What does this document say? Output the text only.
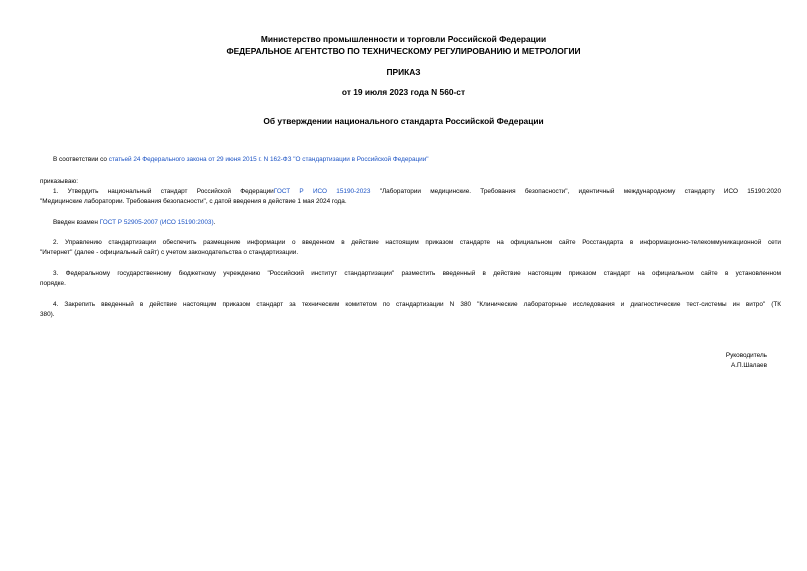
Министерство промышленности и торговли Российской Федерации
ФЕДЕРАЛЬНОЕ АГЕНТСТВО ПО ТЕХНИЧЕСКОМУ РЕГУЛИРОВАНИЮ И МЕТРОЛОГИИ
ПРИКАЗ
от 19 июля 2023 года N 560-ст
Об утверждении национального стандарта Российской Федерации
В соответствии со статьей 24 Федерального закона от 29 июня 2015 г. N 162-ФЗ "О стандартизации в Российской Федерации"
приказываю:
1. Утвердить национальный стандарт Российской ФедерацииГОСТ Р ИСО 15190-2023 "Лаборатории медицинские. Требования безопасности", идентичный международному стандарту ИСО 15190:2020
"Медицинские лаборатории. Требования безопасности", с датой введения в действие 1 мая 2024 года.
Введен взамен ГОСТ Р 52905-2007 (ИСО 15190:2003).
2. Управлению стандартизации обеспечить размещение информации о введенном в действие настоящим приказом стандарте на официальном сайте Росстандарта в информационно-телекоммуникационной сети
"Интернет" (далее - официальный сайт) с учетом законодательства о стандартизации.
3. Федеральному государственному бюджетному учреждению "Российский институт стандартизации" разместить введенный в действие настоящим приказом стандарт на официальном сайте в установленном
порядке.
4. Закрепить введенный в действие настоящим приказом стандарт за техническим комитетом по стандартизации N 380 "Клинические лабораторные исследования и диагностические тест-системы ин витро" (ТК
380).
Руководитель
А.П.Шалаев
